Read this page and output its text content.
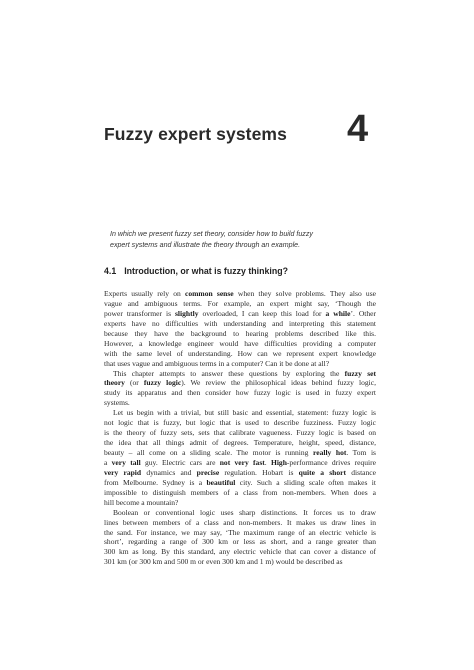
Fuzzy expert systems 4
In which we present fuzzy set theory, consider how to build fuzzy
expert systems and illustrate the theory through an example.
4.1 Introduction, or what is fuzzy thinking?
Experts usually rely on common sense when they solve problems. They also use
vague and ambiguous terms. For example, an expert might say, ‘Though the
power transformer is slightly overloaded, I can keep this load for a while’. Other
experts have no difficulties with understanding and interpreting this statement
because they have the background to hearing problems described like this.
However, a knowledge engineer would have difficulties providing a computer
with the same level of understanding. How can we represent expert knowledge
that uses vague and ambiguous terms in a computer? Can it be done at all?
This chapter attempts to answer these questions by exploring the fuzzy set
theory (or fuzzy logic). We review the philosophical ideas behind fuzzy logic,
study its apparatus and then consider how fuzzy logic is used in fuzzy expert
systems.
Let us begin with a trivial, but still basic and essential, statement: fuzzy logic is
not logic that is fuzzy, but logic that is used to describe fuzziness. Fuzzy logic
is the theory of fuzzy sets, sets that calibrate vagueness. Fuzzy logic is based on
the idea that all things admit of degrees. Temperature, height, speed, distance,
beauty – all come on a sliding scale. The motor is running really hot. Tom is
a very tall guy. Electric cars are not very fast. High-performance drives require
very rapid dynamics and precise regulation. Hobart is quite a short distance
from Melbourne. Sydney is a beautiful city. Such a sliding scale often makes it
impossible to distinguish members of a class from non-members. When does a
hill become a mountain?
Boolean or conventional logic uses sharp distinctions. It forces us to draw
lines between members of a class and non-members. It makes us draw lines in
the sand. For instance, we may say, ‘The maximum range of an electric vehicle is
short’, regarding a range of 300 km or less as short, and a range greater than
300 km as long. By this standard, any electric vehicle that can cover a distance of
301 km (or 300 km and 500 m or even 300 km and 1 m) would be described as
